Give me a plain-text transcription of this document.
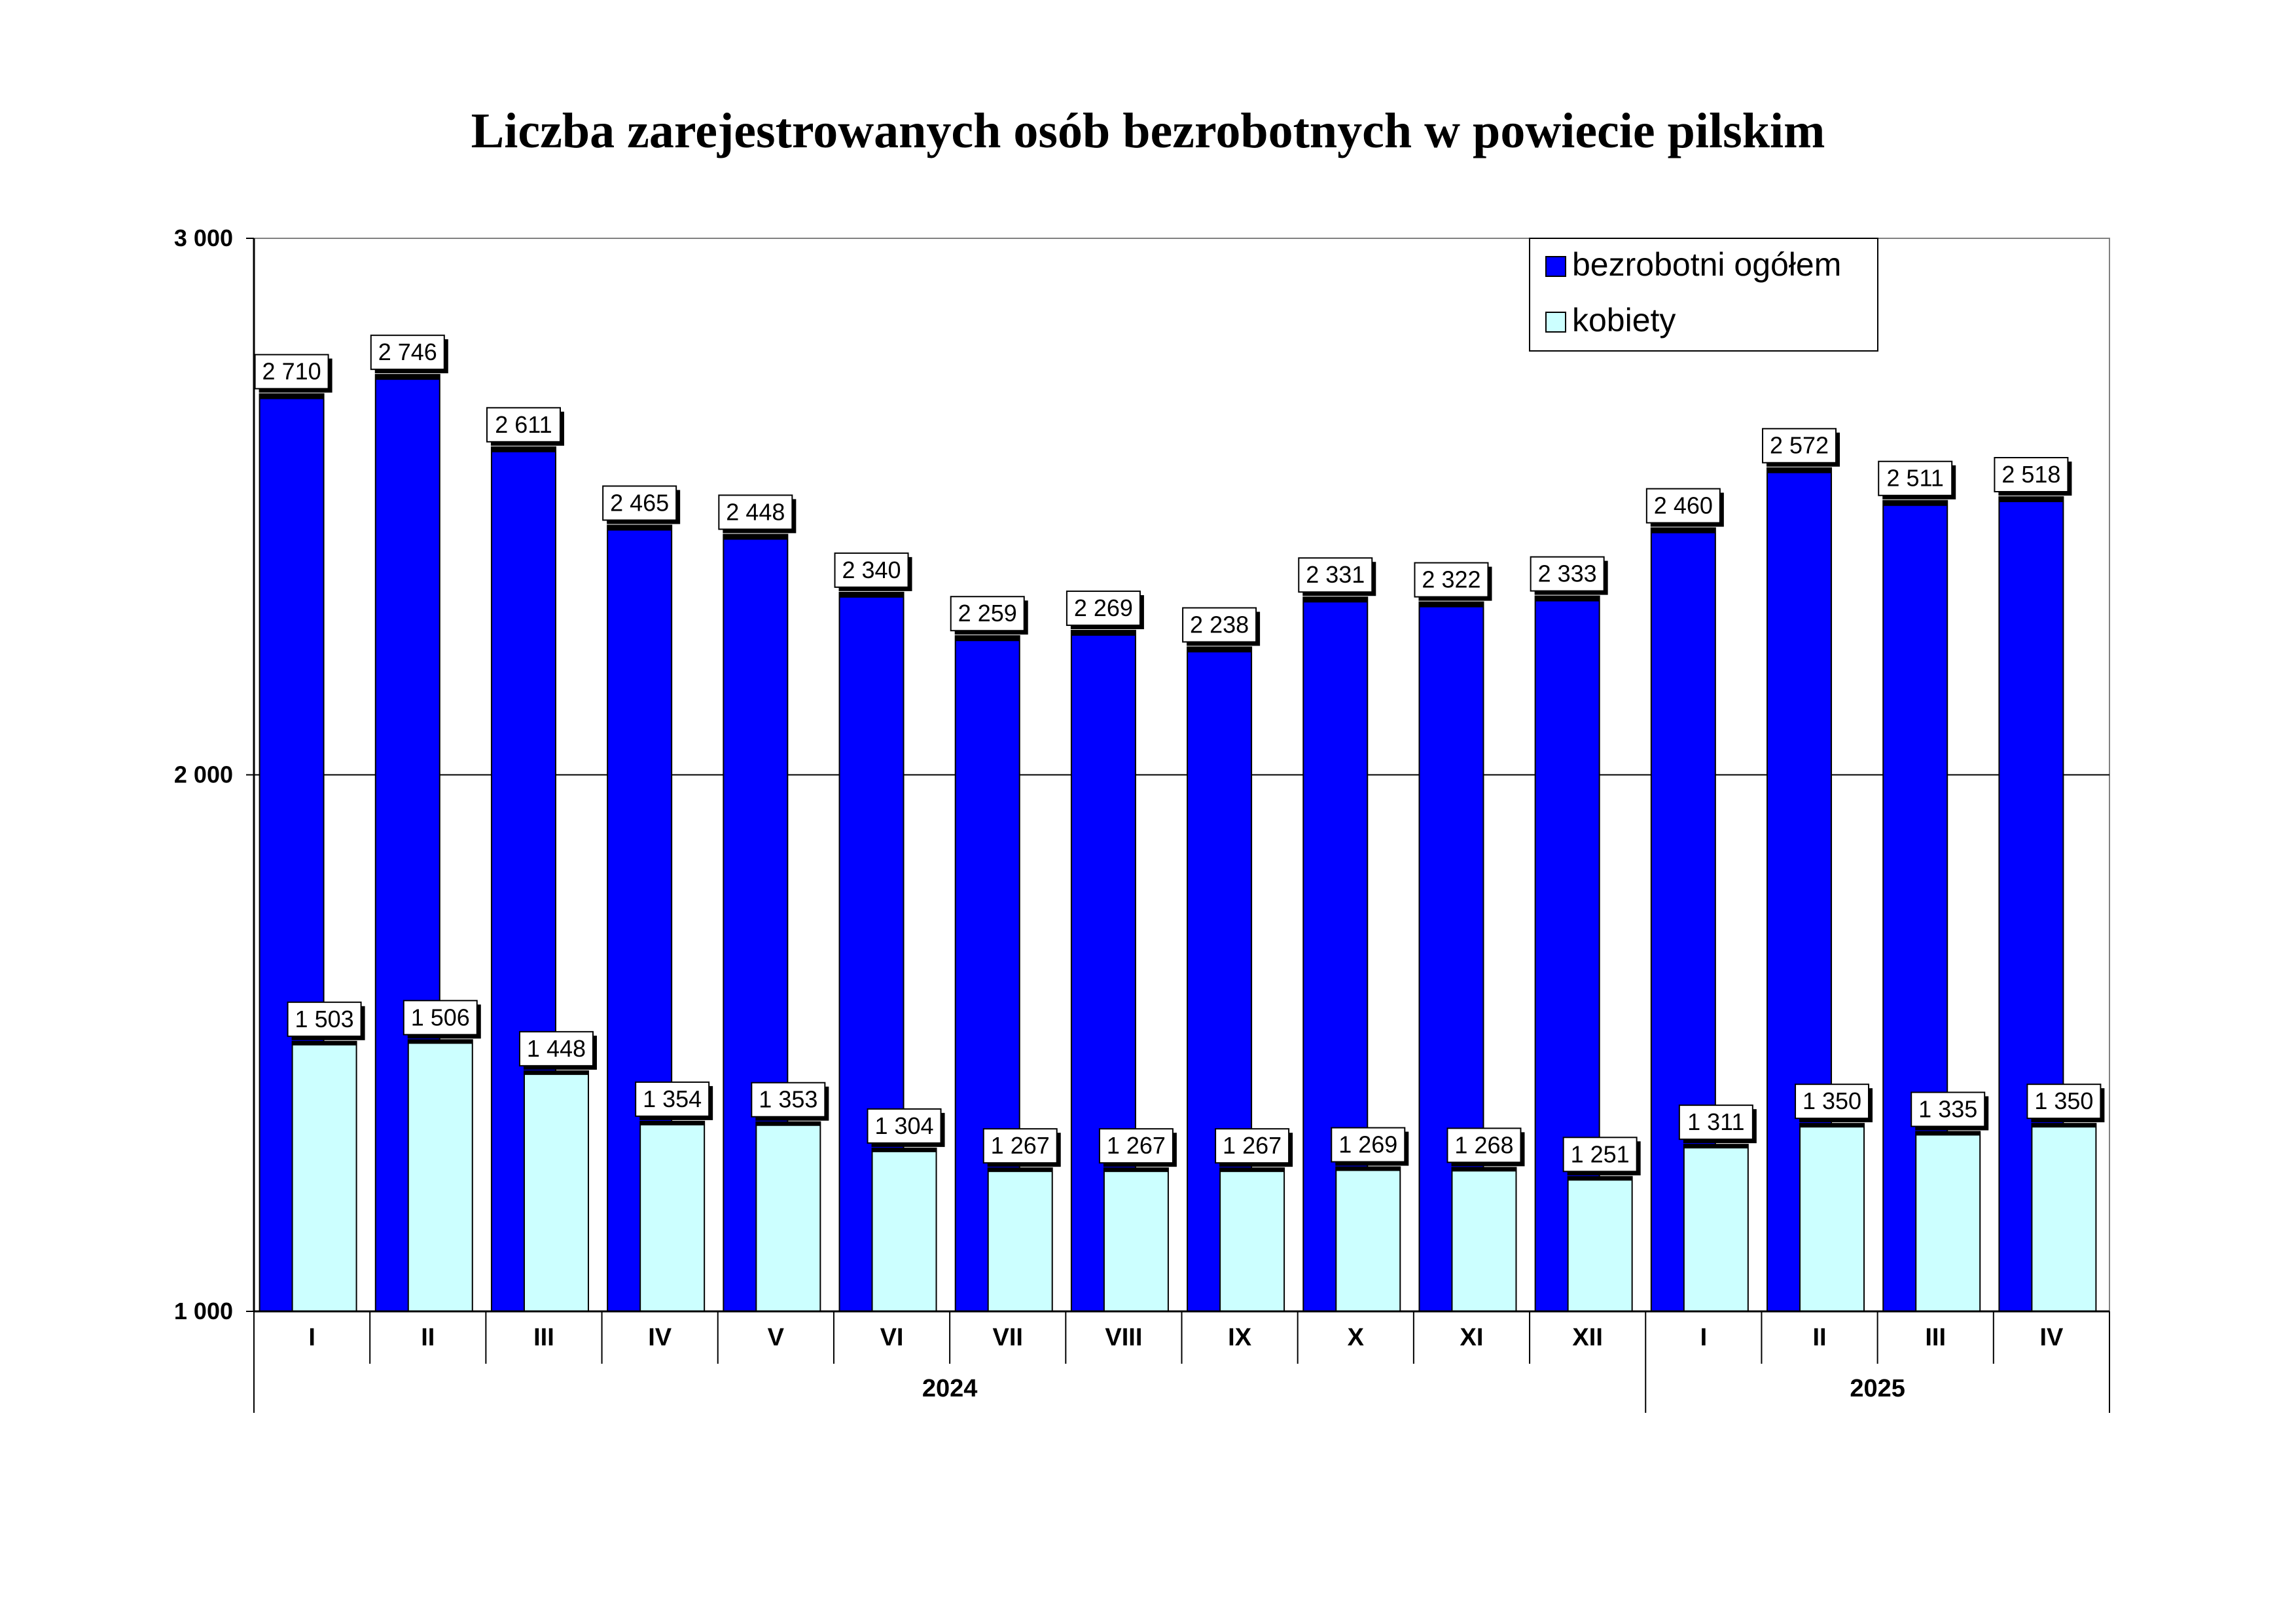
Liczba zarejestrowanych osób bezrobotnych w powiecie pilskim
1 000
2 000
3 000
2 710
1 503
2 746
1 506
2 611
1 448
2 465
1 354
2 448
1 353
2 340
1 304
2 259
1 267
2 269
1 267
2 238
1 267
2 331
1 269
2 322
1 268
2 333
1 251
2 460
1 311
2 572
1 350
2 511
1 335
2 518
1 350
I	II	III	IV	V	VI	VII	VIII	IX	X	XI	XII	I	II	III	IV
2024	2025
bezrobotni ogółem
kobiety
